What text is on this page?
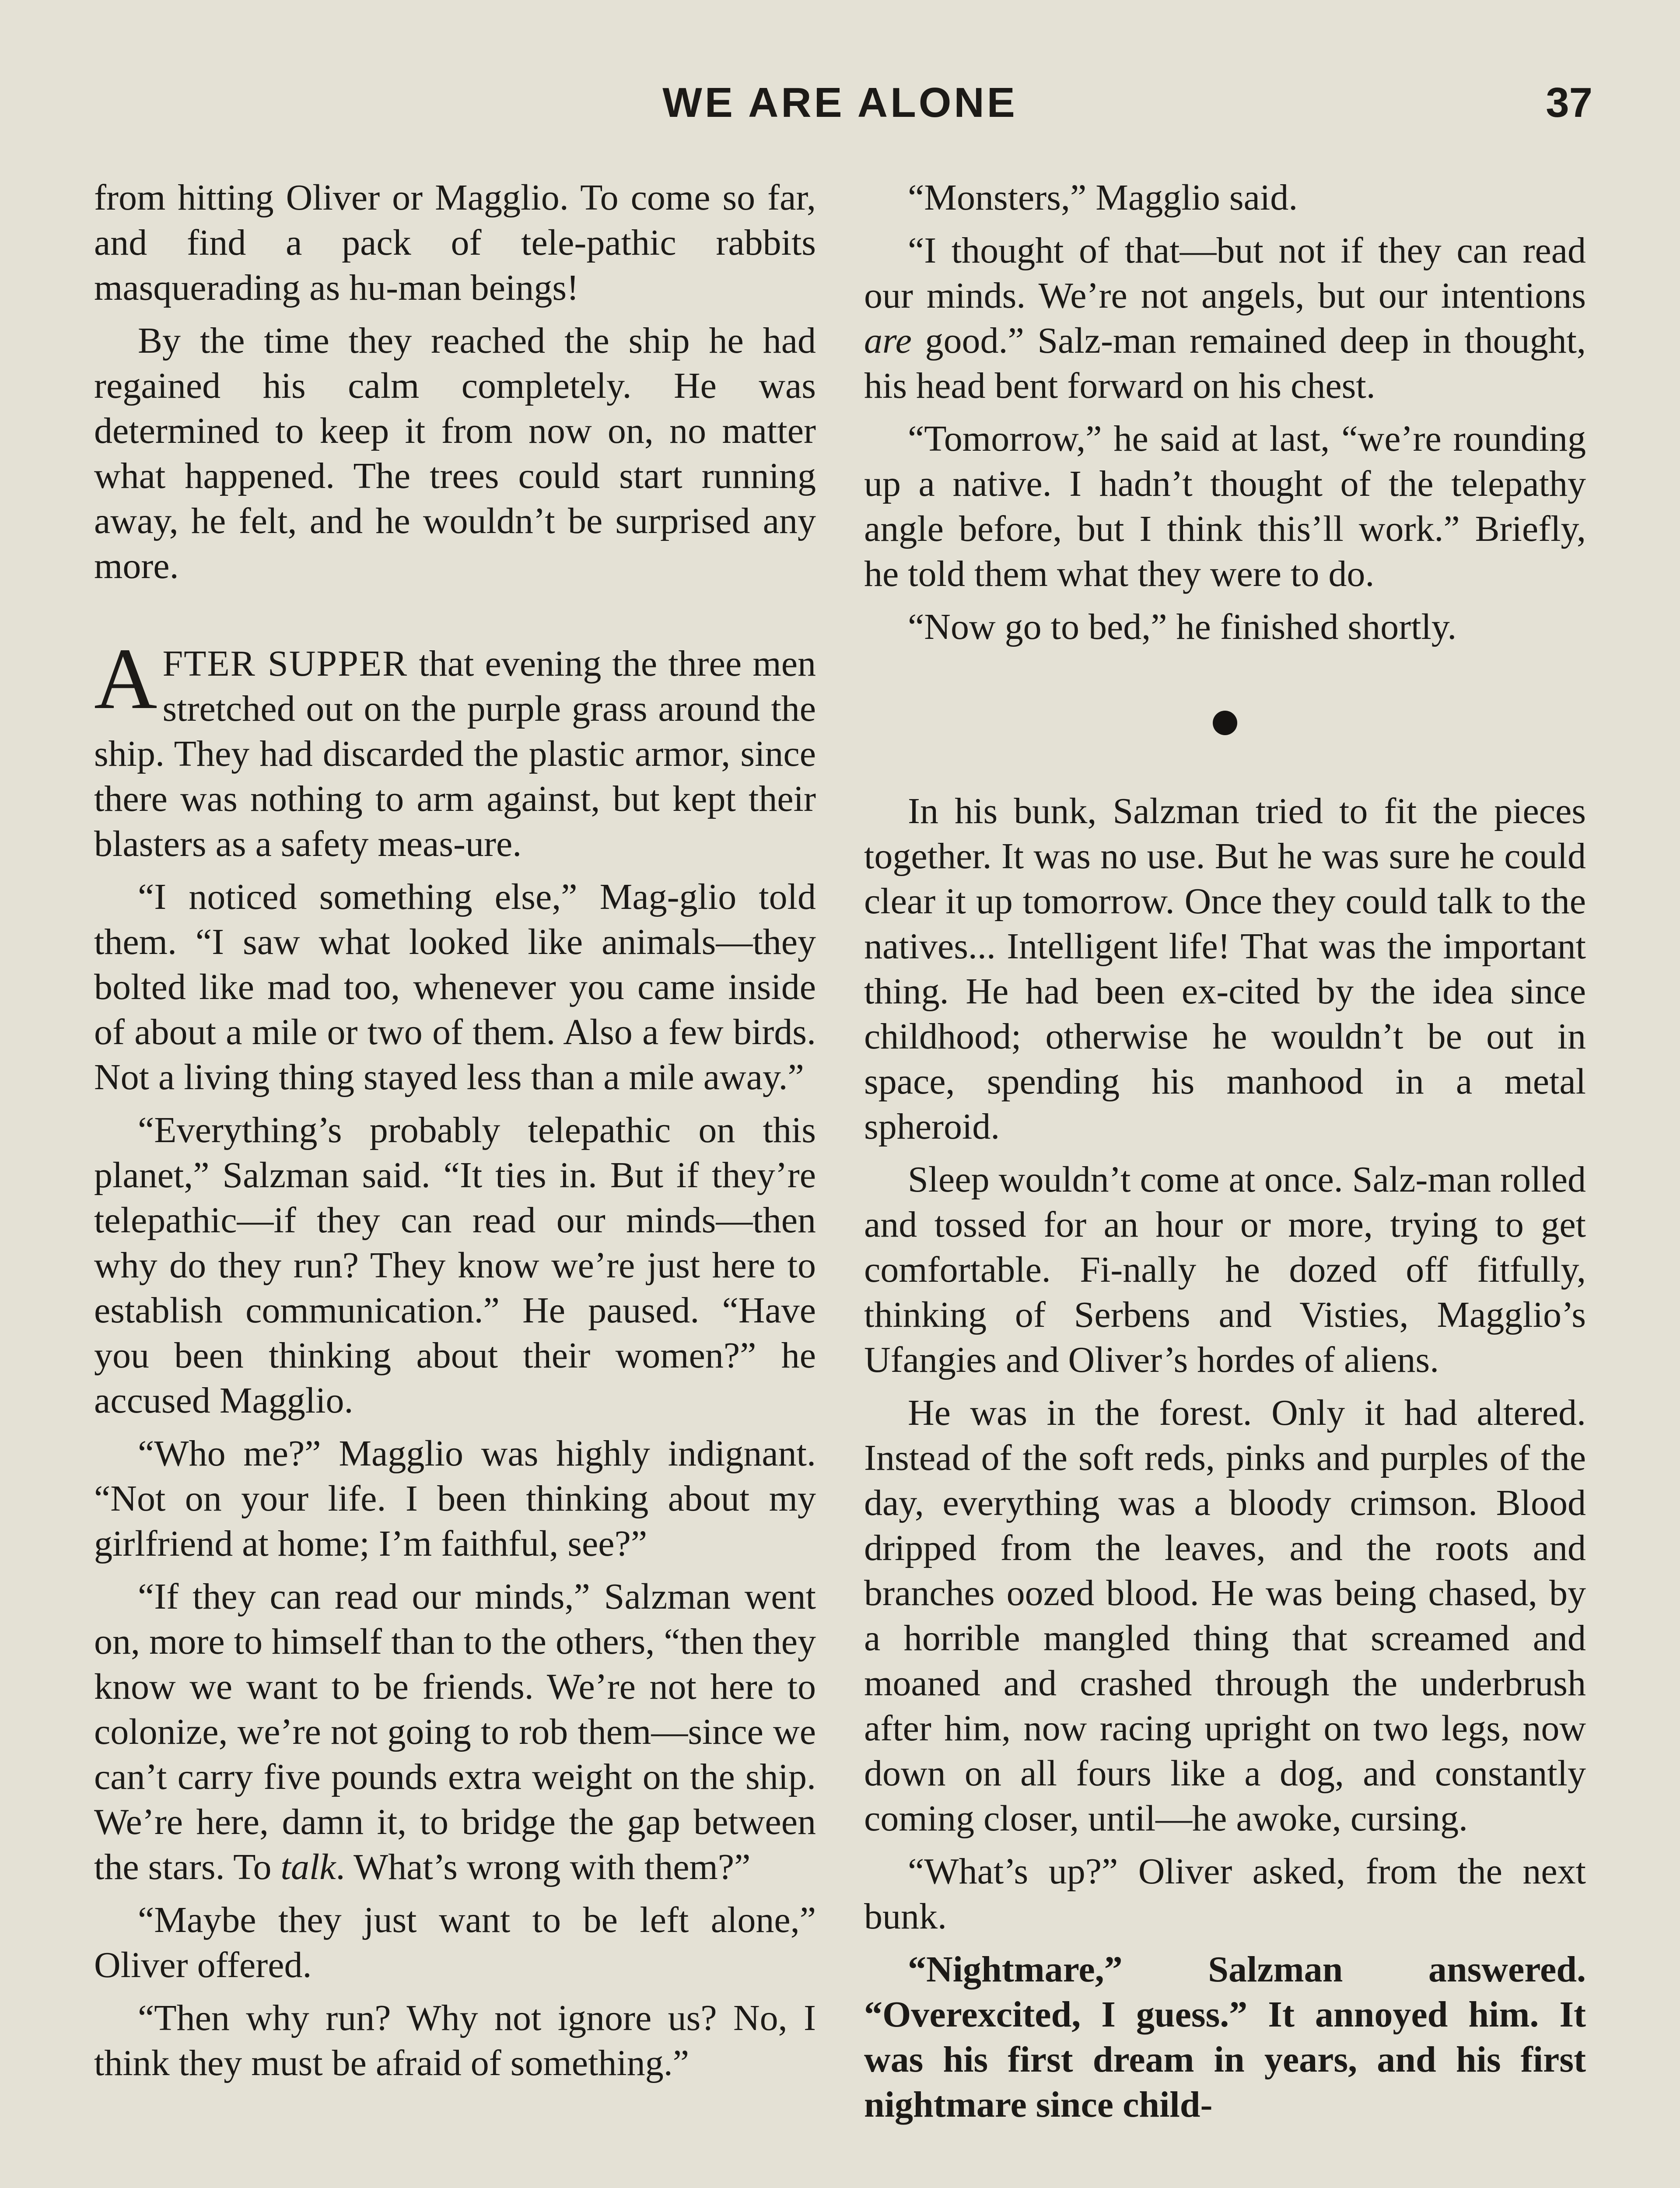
WE ARE ALONE	37

from hitting Oliver or Magglio. To come so far, and find a pack of tele-pathic rabbits masquerading as hu-man beings!

By the time they reached the ship he had regained his calm completely. He was determined to keep it from now on, no matter what happened. The trees could start running away, he felt, and he wouldn’t be surprised any more.

AFTER SUPPER that evening the three men stretched out on the purple grass around the ship. They had discarded the plastic armor, since there was nothing to arm against, but kept their blasters as a safety meas-ure.

“I noticed something else,” Mag-glio told them. “I saw what looked like animals—they bolted like mad too, whenever you came inside of about a mile or two of them. Also a few birds. Not a living thing stayed less than a mile away.”

“Everything’s probably telepathic on this planet,” Salzman said. “It ties in. But if they’re telepathic—if they can read our minds—then why do they run? They know we’re just here to establish communication.” He paused. “Have you been thinking about their women?” he accused Magglio.

“Who me?” Magglio was highly indignant. “Not on your life. I been thinking about my girlfriend at home; I’m faithful, see?”

“If they can read our minds,” Salzman went on, more to himself than to the others, “then they know we want to be friends. We’re not here to colonize, we’re not going to rob them—since we can’t carry five pounds extra weight on the ship. We’re here, damn it, to bridge the gap between the stars. To talk. What’s wrong with them?”

“Maybe they just want to be left alone,” Oliver offered.

“Then why run? Why not ignore us? No, I think they must be afraid of something.”

“Monsters,” Magglio said.

“I thought of that—but not if they can read our minds. We’re not angels, but our intentions are good.” Salz-man remained deep in thought, his head bent forward on his chest.

“Tomorrow,” he said at last, “we’re rounding up a native. I hadn’t thought of the telepathy angle before, but I think this’ll work.” Briefly, he told them what they were to do.

“Now go to bed,” he finished shortly.

In his bunk, Salzman tried to fit the pieces together. It was no use. But he was sure he could clear it up tomorrow. Once they could talk to the natives... Intelligent life! That was the important thing. He had been ex-cited by the idea since childhood; otherwise he wouldn’t be out in space, spending his manhood in a metal spheroid.

Sleep wouldn’t come at once. Salz-man rolled and tossed for an hour or more, trying to get comfortable. Fi-nally he dozed off fitfully, thinking of Serbens and Visties, Magglio’s Ufangies and Oliver’s hordes of aliens.

He was in the forest. Only it had altered. Instead of the soft reds, pinks and purples of the day, everything was a bloody crimson. Blood dripped from the leaves, and the roots and branches oozed blood. He was being chased, by a horrible mangled thing that screamed and moaned and crashed through the underbrush after him, now racing upright on two legs, now down on all fours like a dog, and constantly coming closer, until—he awoke, cursing.

“What’s up?” Oliver asked, from the next bunk.

“Nightmare,” Salzman answered. “Overexcited, I guess.” It annoyed him. It was his first dream in years, and his first nightmare since child-
